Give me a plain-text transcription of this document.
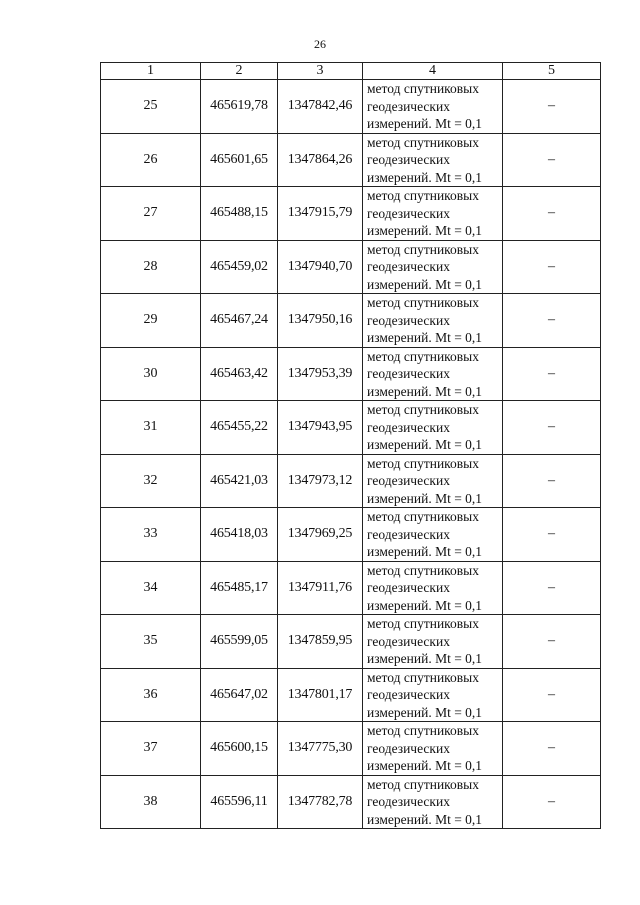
26
1	2	3	4	5
25	465619,78	1347842,46	метод спутниковых
геодезических
измерений. Mt = 0,1	–
26	465601,65	1347864,26	метод спутниковых
геодезических
измерений. Mt = 0,1	–
27	465488,15	1347915,79	метод спутниковых
геодезических
измерений. Mt = 0,1	–
28	465459,02	1347940,70	метод спутниковых
геодезических
измерений. Mt = 0,1	–
29	465467,24	1347950,16	метод спутниковых
геодезических
измерений. Mt = 0,1	–
30	465463,42	1347953,39	метод спутниковых
геодезических
измерений. Mt = 0,1	–
31	465455,22	1347943,95	метод спутниковых
геодезических
измерений. Mt = 0,1	–
32	465421,03	1347973,12	метод спутниковых
геодезических
измерений. Mt = 0,1	–
33	465418,03	1347969,25	метод спутниковых
геодезических
измерений. Mt = 0,1	–
34	465485,17	1347911,76	метод спутниковых
геодезических
измерений. Mt = 0,1	–
35	465599,05	1347859,95	метод спутниковых
геодезических
измерений. Mt = 0,1	–
36	465647,02	1347801,17	метод спутниковых
геодезических
измерений. Mt = 0,1	–
37	465600,15	1347775,30	метод спутниковых
геодезических
измерений. Mt = 0,1	–
38	465596,11	1347782,78	метод спутниковых
геодезических
измерений. Mt = 0,1	–
